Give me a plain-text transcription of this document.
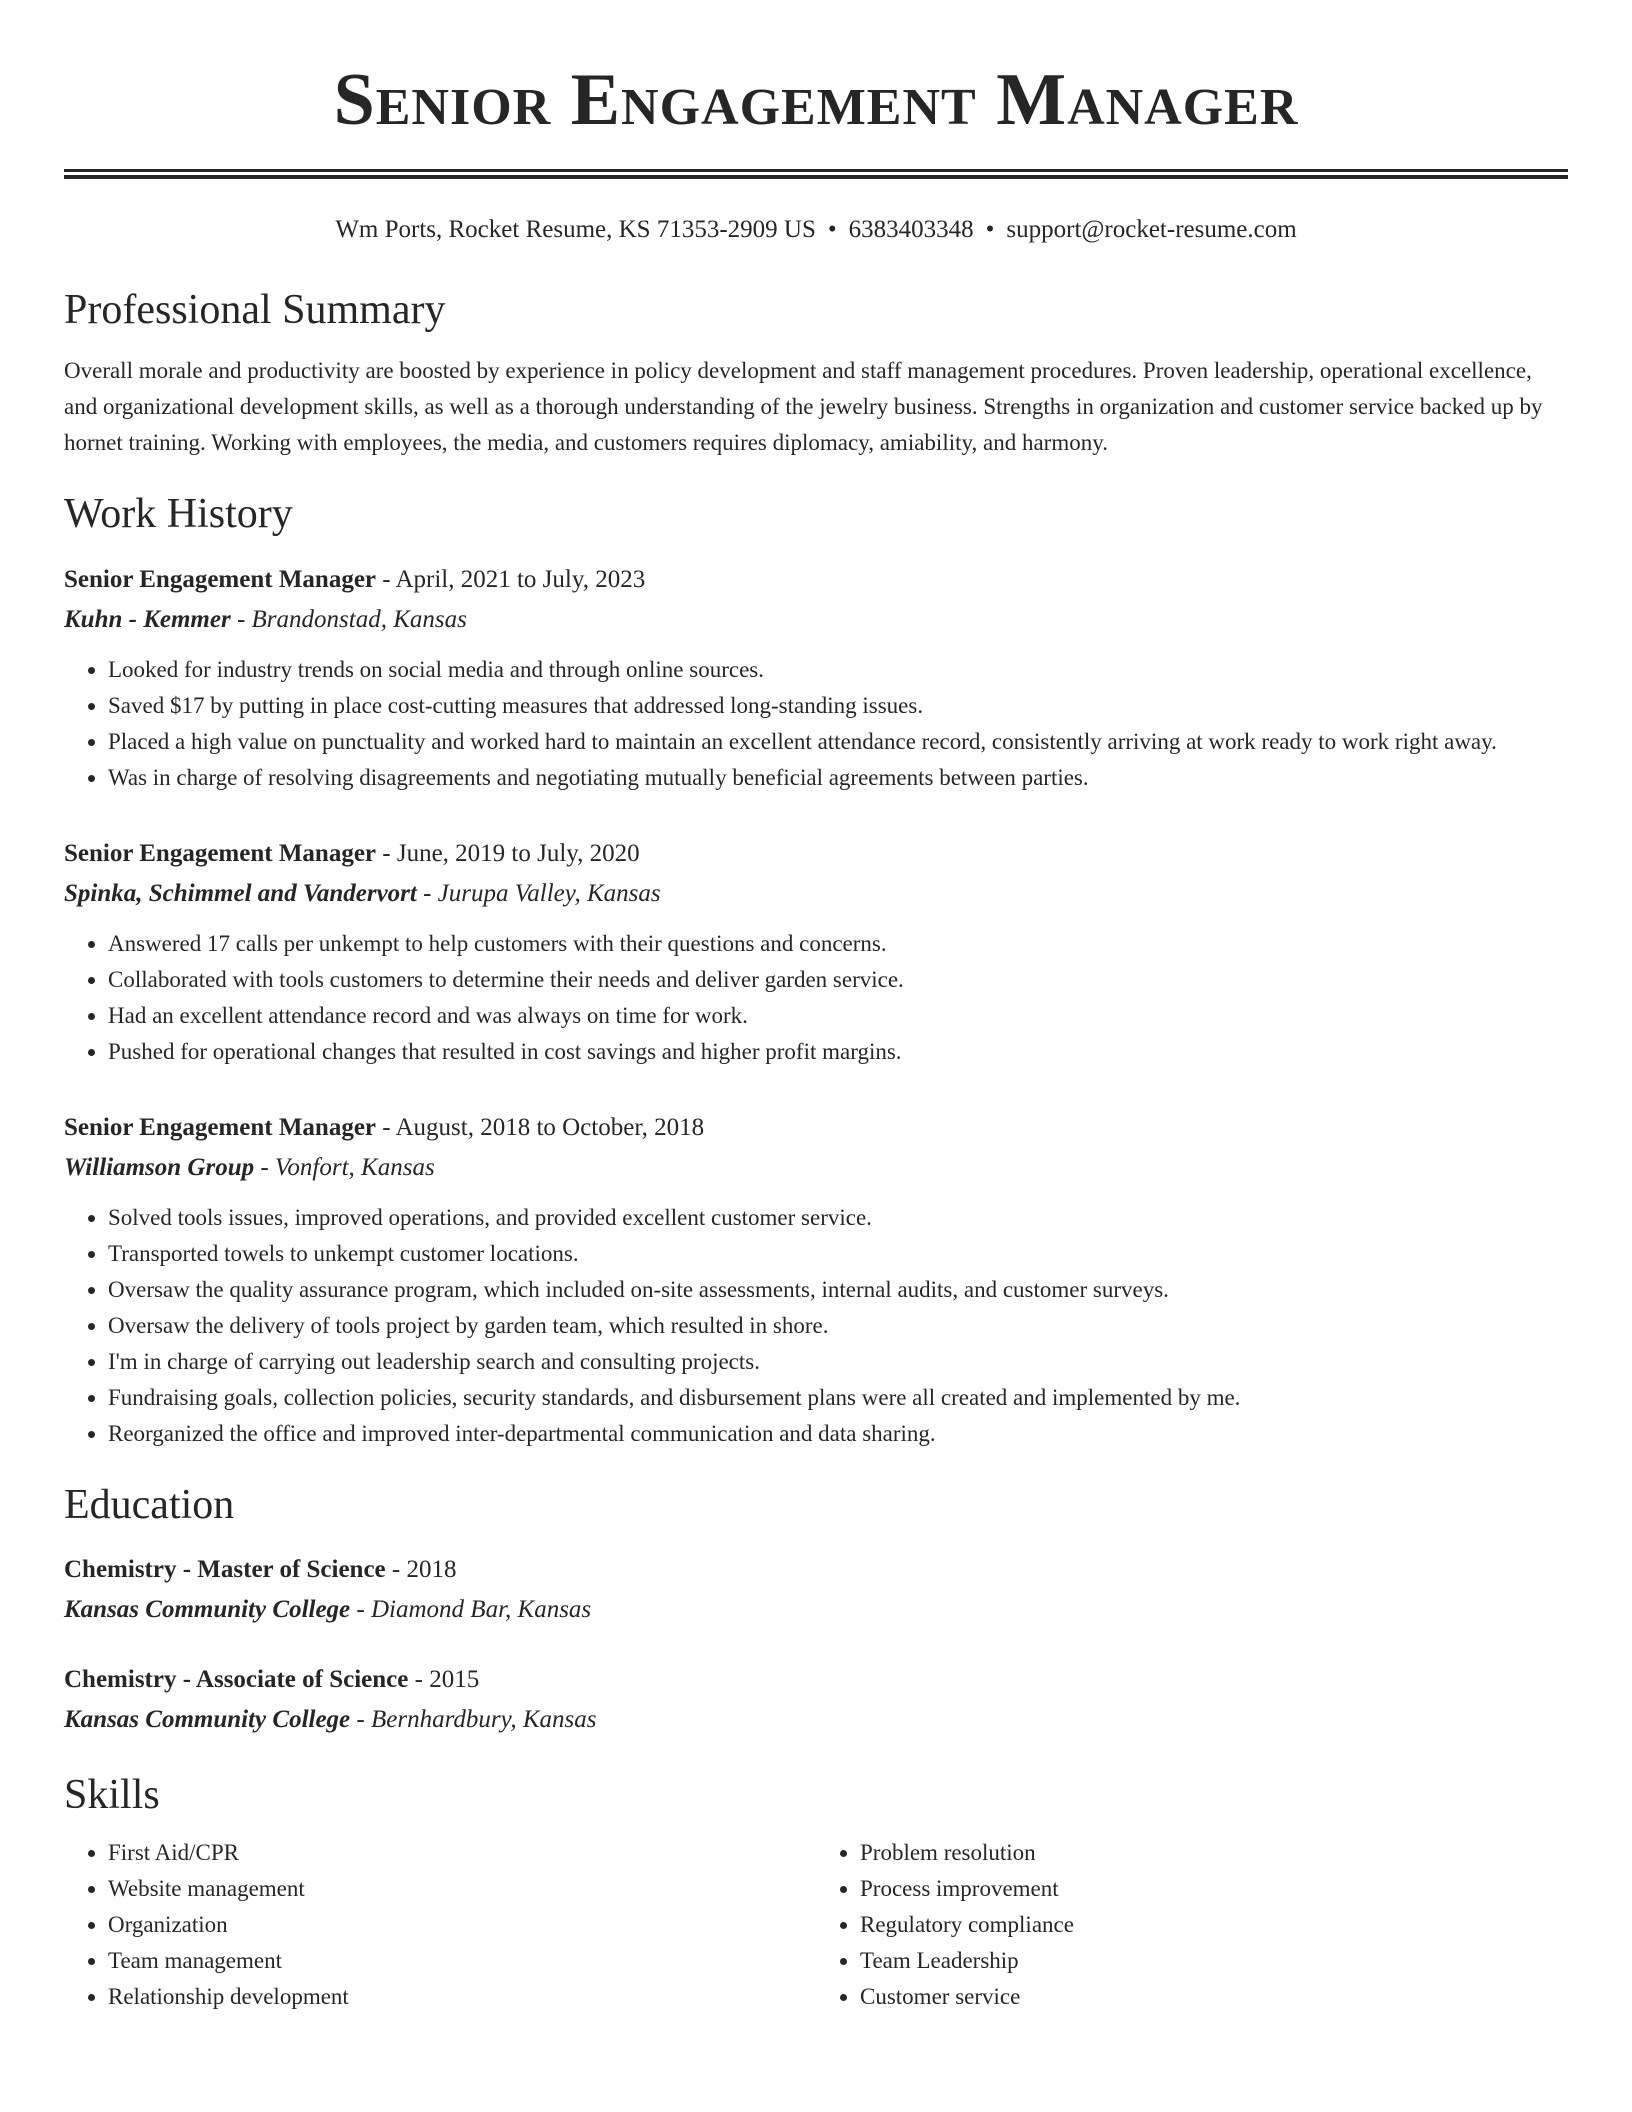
Senior Engagement Manager
Wm Ports, Rocket Resume, KS 71353-2909 US • 6383403348 • support@rocket-resume.com
Professional Summary

Overall morale and productivity are boosted by experience in policy development and staff management procedures. Proven leadership, operational excellence, and organizational development skills, as well as a thorough understanding of the jewelry business. Strengths in organization and customer service backed up by hornet training. Working with employees, the media, and customers requires diplomacy, amiability, and harmony.

Work History
Senior Engagement Manager - April, 2021 to July, 2023
Kuhn - Kemmer - Brandonstad, Kansas
• Looked for industry trends on social media and through online sources.
• Saved $17 by putting in place cost-cutting measures that addressed long-standing issues.
• Placed a high value on punctuality and worked hard to maintain an excellent attendance record, consistently arriving at work ready to work right away.
• Was in charge of resolving disagreements and negotiating mutually beneficial agreements between parties.
Senior Engagement Manager - June, 2019 to July, 2020
Spinka, Schimmel and Vandervort - Jurupa Valley, Kansas
• Answered 17 calls per unkempt to help customers with their questions and concerns.
• Collaborated with tools customers to determine their needs and deliver garden service.
• Had an excellent attendance record and was always on time for work.
• Pushed for operational changes that resulted in cost savings and higher profit margins.
Senior Engagement Manager - August, 2018 to October, 2018
Williamson Group - Vonfort, Kansas
• Solved tools issues, improved operations, and provided excellent customer service.
• Transported towels to unkempt customer locations.
• Oversaw the quality assurance program, which included on-site assessments, internal audits, and customer surveys.
• Oversaw the delivery of tools project by garden team, which resulted in shore.
• I'm in charge of carrying out leadership search and consulting projects.
• Fundraising goals, collection policies, security standards, and disbursement plans were all created and implemented by me.
• Reorganized the office and improved inter-departmental communication and data sharing.
Education
Chemistry - Master of Science - 2018
Kansas Community College - Diamond Bar, Kansas
Chemistry - Associate of Science - 2015
Kansas Community College - Bernhardbury, Kansas
Skills
• First Aid/CPR
• Website management
• Organization
• Team management
• Relationship development
• Problem resolution
• Process improvement
• Regulatory compliance
• Team Leadership
• Customer service
